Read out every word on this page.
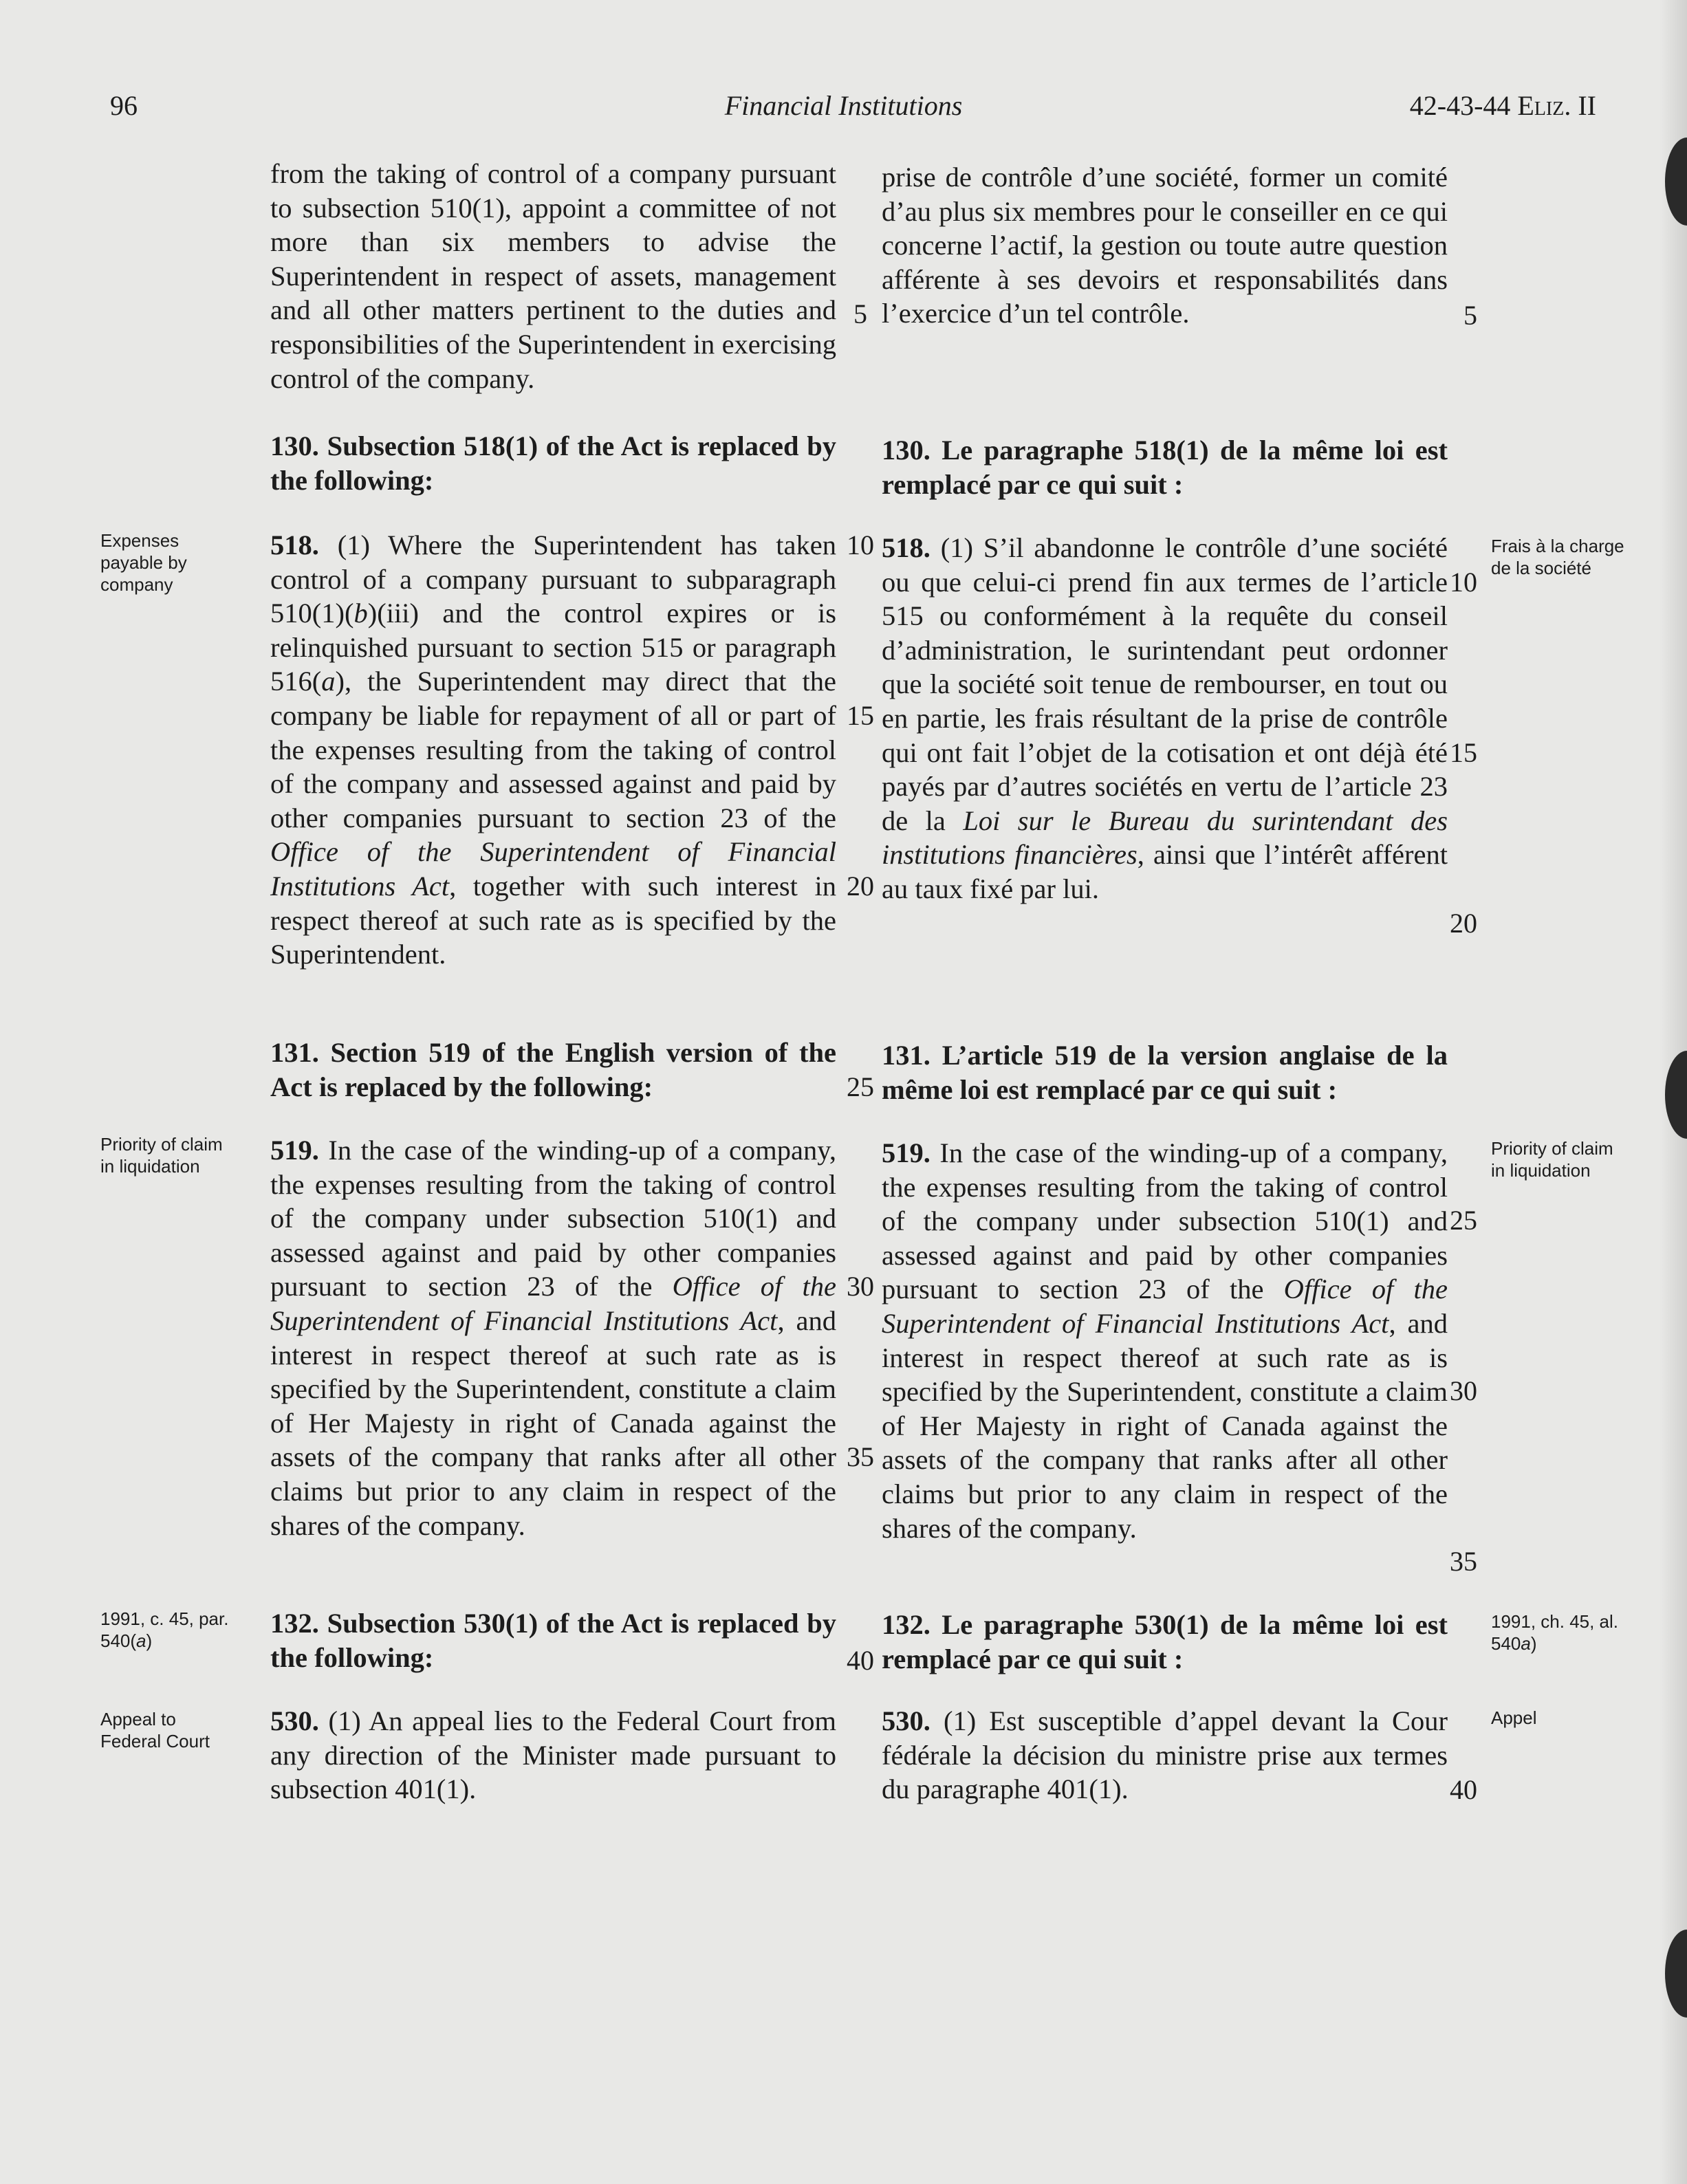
96	Financial Institutions	42-43-44 Eliz. II
from the taking of control of a company pursuant to subsection 510(1), appoint a committee of not more than six members to advise the Superintendent in respect of assets, management and all other matters pertinent to the duties and responsibilities of the Superintendent in exercising control of the company.
prise de contrôle d’une société, former un comité d’au plus six membres pour le conseiller en ce qui concerne l’actif, la gestion ou toute autre question afférente à ses devoirs et responsabilités dans l’exercice d’un tel contrôle.
5	5
130. Subsection 518(1) of the Act is replaced by the following:
130. Le paragraphe 518(1) de la même loi est remplacé par ce qui suit :
Expenses payable by company
Frais à la charge de la société
518. (1) Where the Superintendent has taken control of a company pursuant to subparagraph 510(1)(b)(iii) and the control expires or is relinquished pursuant to section 515 or paragraph 516(a), the Superintendent may direct that the company be liable for repayment of all or part of the expenses resulting from the taking of control of the company and assessed against and paid by other companies pursuant to section 23 of the Office of the Superintendent of Financial Institutions Act, together with such interest in respect thereof at such rate as is specified by the Superintendent.
518. (1) S’il abandonne le contrôle d’une société ou que celui-ci prend fin aux termes de l’article 515 ou conformément à la requête du conseil d’administration, le surintendant peut ordonner que la société soit tenue de rembourser, en tout ou en partie, les frais résultant de la prise de contrôle qui ont fait l’objet de la cotisation et ont déjà été payés par d’autres sociétés en vertu de l’article 23 de la Loi sur le Bureau du surintendant des institutions financières, ainsi que l’intérêt afférent au taux fixé par lui.
10
10
15
15
20
20
131. Section 519 of the English version of the Act is replaced by the following:
131. L’article 519 de la version anglaise de la même loi est remplacé par ce qui suit :
25
Priority of claim in liquidation
Priority of claim in liquidation
519. In the case of the winding-up of a company, the expenses resulting from the taking of control of the company under subsection 510(1) and assessed against and paid by other companies pursuant to section 23 of the Office of the Superintendent of Financial Institutions Act, and interest in respect thereof at such rate as is specified by the Superintendent, constitute a claim of Her Majesty in right of Canada against the assets of the company that ranks after all other claims but prior to any claim in respect of the shares of the company.
519. In the case of the winding-up of a company, the expenses resulting from the taking of control of the company under subsection 510(1) and assessed against and paid by other companies pursuant to section 23 of the Office of the Superintendent of Financial Institutions Act, and interest in respect thereof at such rate as is specified by the Superintendent, constitute a claim of Her Majesty in right of Canada against the assets of the company that ranks after all other claims but prior to any claim in respect of the shares of the company.
25
30
30
35
35
1991, c. 45, par. 540(a)
1991, ch. 45, al. 540a)
132. Subsection 530(1) of the Act is replaced by the following:
132. Le paragraphe 530(1) de la même loi est remplacé par ce qui suit :
40
Appeal to Federal Court
Appel
530. (1) An appeal lies to the Federal Court from any direction of the Minister made pursuant to subsection 401(1).
530. (1) Est susceptible d’appel devant la Cour fédérale la décision du ministre prise aux termes du paragraphe 401(1).	40
